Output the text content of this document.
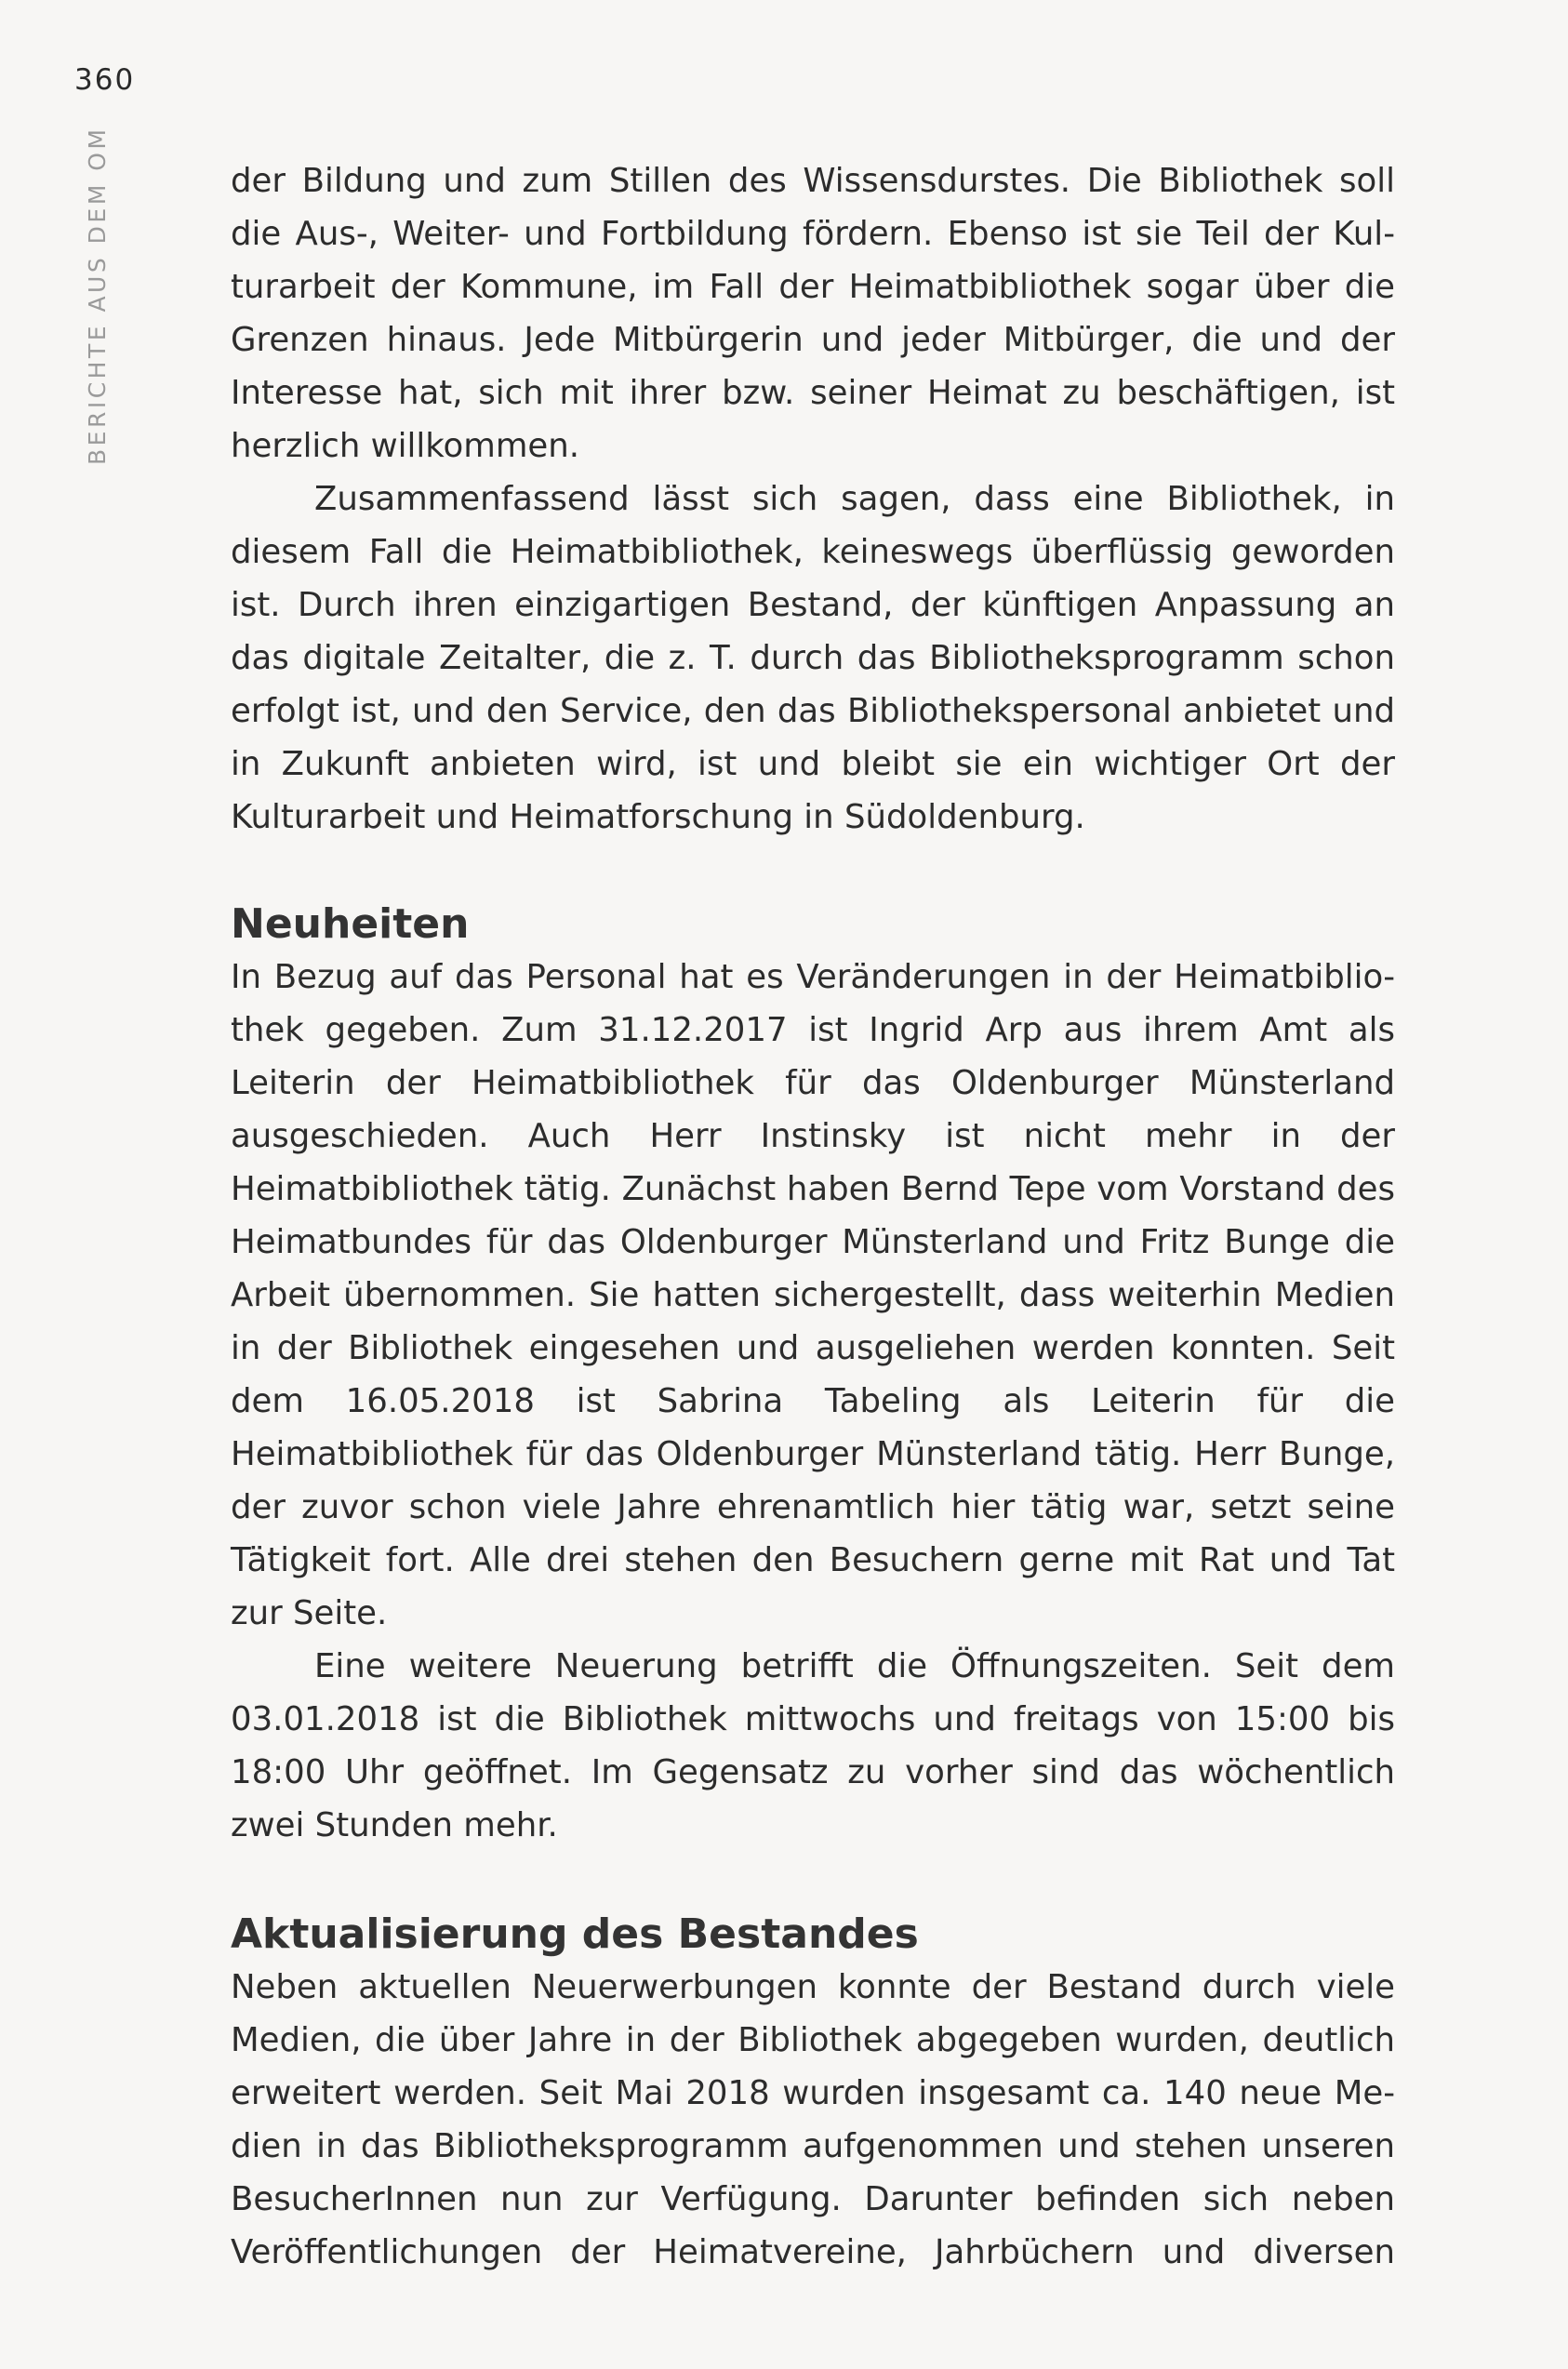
360
BERICHTE AUS DEM OM	der Bildung und zum Stillen des Wissensdurstes. Die Bibliothek soll die Aus-, Weiter- und Fortbildung fördern. Ebenso ist sie Teil der Kulturarbeit der Kommune, im Fall der Heimatbibliothek sogar über die Grenzen hinaus. Jede Mitbürgerin und jeder Mitbürger, die und der Interesse hat, sich mit ihrer bzw. seiner Heimat zu beschäftigen, ist herzlich willkommen.

Zusammenfassend lässt sich sagen, dass eine Bibliothek, in diesem Fall die Heimatbibliothek, keineswegs überflüssig geworden ist. Durch ihren einzigartigen Bestand, der künftigen Anpassung an das digitale Zeitalter, die z. T. durch das Bibliotheksprogramm schon erfolgt ist, und den Service, den das Bibliothekspersonal anbietet und in Zukunft anbieten wird, ist und bleibt sie ein wichtiger Ort der Kulturarbeit und Heimatforschung in Südoldenburg.

Neuheiten

In Bezug auf das Personal hat es Veränderungen in der Heimatbibliothek gegeben. Zum 31.12.2017 ist Ingrid Arp aus ihrem Amt als Leiterin der Heimatbibliothek für das Oldenburger Münsterland ausgeschieden. Auch Herr Instinsky ist nicht mehr in der Heimatbibliothek tätig. Zunächst haben Bernd Tepe vom Vorstand des Heimatbundes für das Oldenburger Münsterland und Fritz Bunge die Arbeit übernommen. Sie hatten sichergestellt, dass weiterhin Medien in der Bibliothek eingesehen und ausgeliehen werden konnten. Seit dem 16.05.2018 ist Sabrina Tabeling als Leiterin für die Heimatbibliothek für das Oldenburger Münsterland tätig. Herr Bunge, der zuvor schon viele Jahre ehrenamtlich hier tätig war, setzt seine Tätigkeit fort. Alle drei stehen den Besuchern gerne mit Rat und Tat zur Seite.

Eine weitere Neuerung betrifft die Öffnungszeiten. Seit dem 03.01.2018 ist die Bibliothek mittwochs und freitags von 15:00 bis 18:00 Uhr geöffnet. Im Gegensatz zu vorher sind das wöchentlich zwei Stunden mehr.

Aktualisierung des Bestandes

Neben aktuellen Neuerwerbungen konnte der Bestand durch viele Medien, die über Jahre in der Bibliothek abgegeben wurden, deutlich erweitert werden. Seit Mai 2018 wurden insgesamt ca. 140 neue Medien in das Bibliotheksprogramm aufgenommen und stehen unseren BesucherInnen nun zur Verfügung. Darunter befinden sich neben Veröffentlichungen der Heimatvereine, Jahrbüchern und diversen
